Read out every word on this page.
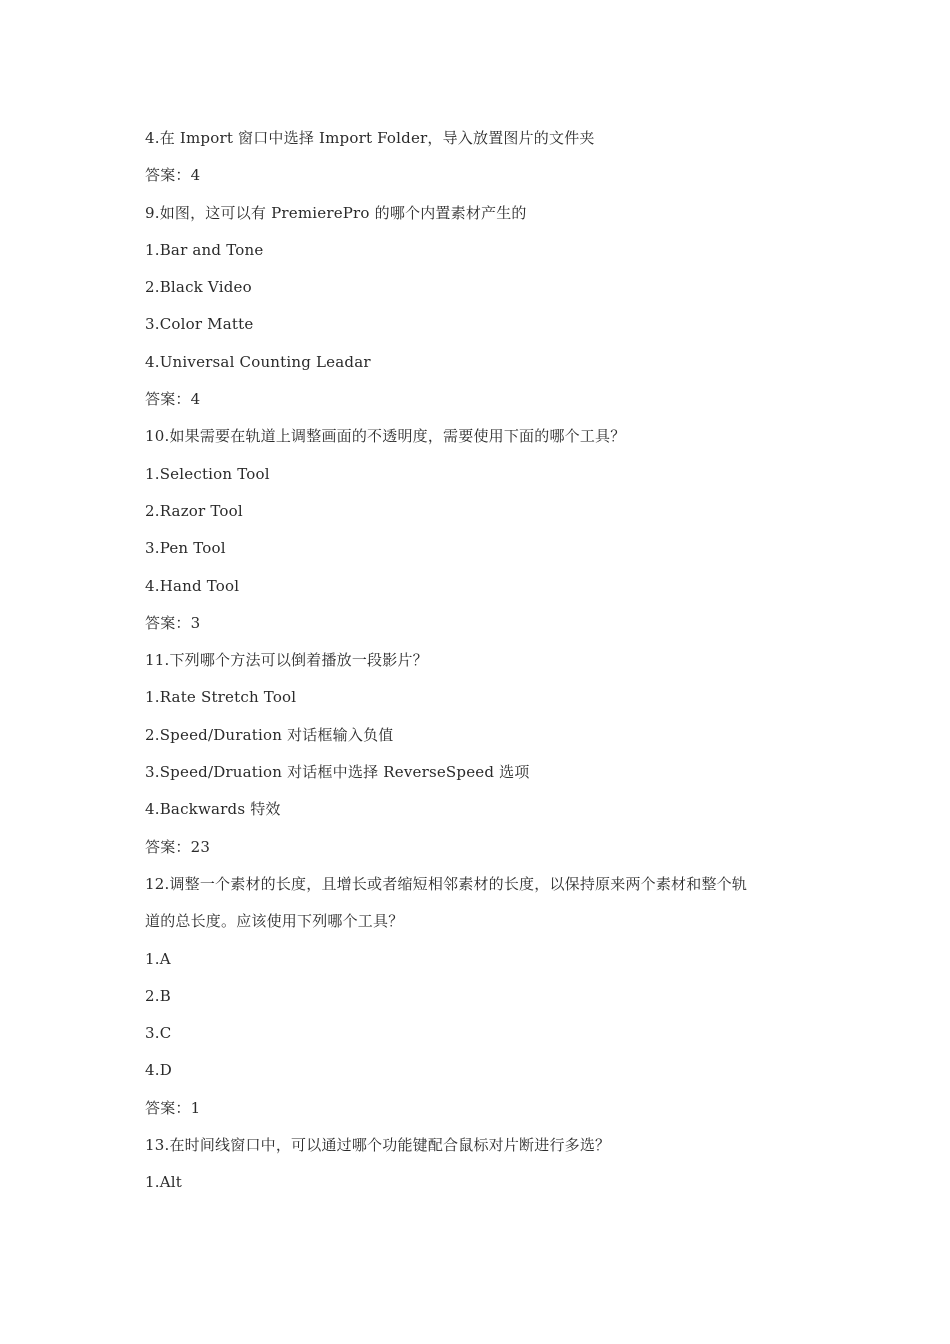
4.在 Import 窗口中选择 Import Folder，导入放置图片的文件夹
答案：4
9.如图，这可以有 PremierePro 的哪个内置素材产生的
1.Bar and Tone
2.Black Video
3.Color Matte
4.Universal Counting Leadar
答案：4
10.如果需要在轨道上调整画面的不透明度，需要使用下面的哪个工具？
1.Selection Tool
2.Razor Tool
3.Pen Tool
4.Hand Tool
答案：3
11.下列哪个方法可以倒着播放一段影片？
1.Rate Stretch Tool
2.Speed/Duration 对话框输入负值
3.Speed/Druation 对话框中选择 ReverseSpeed 选项
4.Backwards 特效
答案：23
12.调整一个素材的长度，且增长或者缩短相邻素材的长度，以保持原来两个素材和整个轨
道的总长度。应该使用下列哪个工具？
1.A
2.B
3.C
4.D
答案：1
13.在时间线窗口中，可以通过哪个功能键配合鼠标对片断进行多选？
1.Alt
